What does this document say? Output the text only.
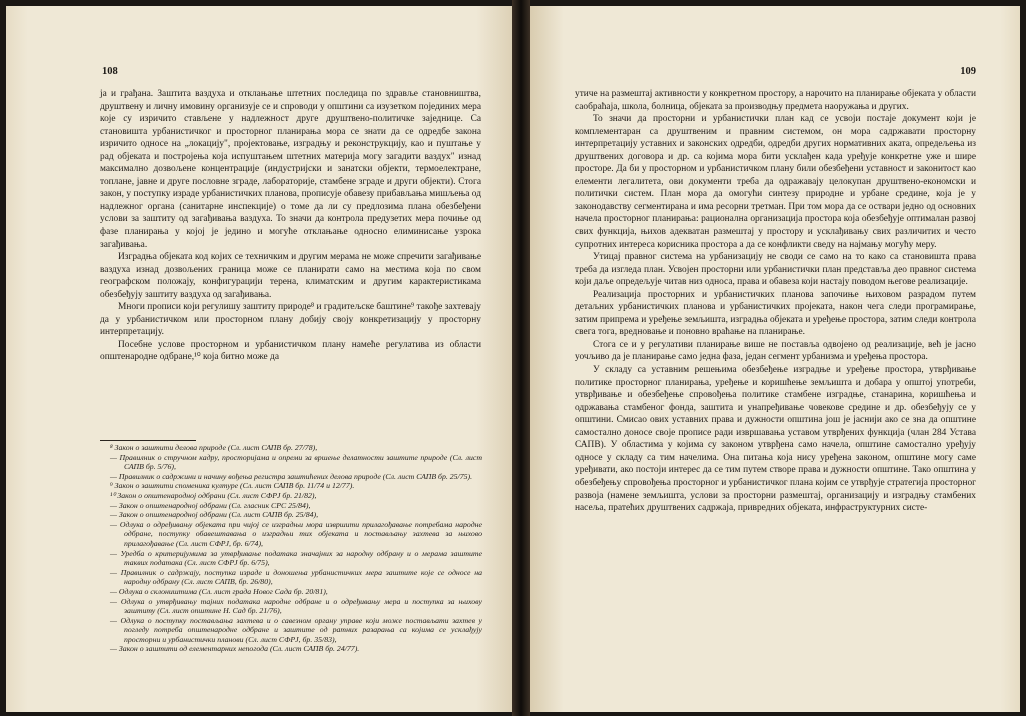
108

ја и грађана. Заштита ваздуха и отклањање штетних последица по здравље становништва, друштвену и личну имовину организује се и спроводи у општини са изузетком појединих мера које су изричито стављене у надлежност друге друштвено-политичке заједнице. Са становишта урбанистичког и просторног планирања мора се знати да се одредбе закона изричито односе на „локацију", пројектовање, изградњу и реконструкцију, као и пуштање у рад објеката и постројења која испуштањем штетних материја могу загадити ваздух" изнад максимално дозвољене концентрације (индустријски и занатски објекти, термоелектране, топлане, јавне и друге пословне зграде, лабораторије, стамбене зграде и други објекти). Стога закон, у поступку израде урбанистичких планова, прописује обавезу прибављања мишљења од надлежног органа (санитарне инспекције) о томе да ли су предлозима плана обезбеђени услови за заштиту од загађивања ваздуха. То значи да контрола предузетих мера почиње од фазе планирања у којој је једино и могуће отклањање односно елиминисање узрока загађивања.

Изградња објеката код којих се техничким и другим мерама не може спречити загађивање ваздуха изнад дозвољених граница може се планирати само на местима која по свом географском положају, конфигурацији терена, климатским и другим карактеристикама обезбеђују заштиту ваздуха од загађивања.

Многи прописи који регулишу заштиту природе⁸ и градитељске баштине⁹ такође захтевају да у урбанистичком или просторном плану добију своју конкретизацију у просторну интерпретацију.

Посебне услове просторном и урбанистичком плану намеће регулатива из области општенародне одбране,¹⁰ која битно може да

⁸ Закон о заштити делова природе (Сл. лист САПВ бр. 27/78),
— Правилник о стручном кадру, просторијама и опреми за вршење делатности заштите природе (Сл. лист САПВ бр. 5/76),
— Правилник о садржини и начину вођења регистра заштићених делова природе (Сл. лист САПВ бр. 25/75).
⁹ Закон о заштити споменика културе (Сл. лист САПВ бр. 11/74 и 12/77).
¹⁰ Закон о општенародној одбрани (Сл. лист СФРЈ бр. 21/82),
— Закон о општенародној одбрани (Сл. гласник СРС 25/84),
— Закон о општенародној одбрани (Сл. лист САПВ бр. 25/84),
— Одлука о одређивању објеката при чијој се изградњи мора извршити прилагођавање потребама народне одбране, поступку обавештавања о изградњи тих објеката и постављању захтева за њихово прилагођавање (Сл. лист СФРЈ, бр. 6/74),
— Уредба о критеријумима за утврђивање података значајних за народну одбрану и о мерама заштите таквих података (Сл. лист СФРЈ бр. 6/75),
— Правилник о садржају, поступка израде и доношења урбанистичких мера заштите које се односе на народну одбрану (Сл. лист САПВ, бр. 26/80),
— Одлука о склоништима (Сл. лист града Новог Сада бр. 20/81),
— Одлука о утврђивању тајних података народне одбране и о одређивању мера и поступка за њихову заштиту (Сл. лист општине Н. Сад бр. 21/76),
— Одлука о поступку постављања захтева и о савезном органу управе који може постављати захтев у погледу потреба општенародне одбране и заштите од ратних разарања са којима се усклађују просторни и урбанистички планови (Сл. лист СФРЈ, бр. 35/83),
— Закон о заштити од елементарних непогода (Сл. лист САПВ бр. 24/77).
109

утиче на размештај активности у конкретном простору, а нарочито на планирање објеката у области саобраћаја, школа, болница, објеката за производњу предмета наоружања и других.

То значи да просторни и урбанистички план кад се усвоји постаје документ који је комплементаран са друштвеним и правним системом, он мора садржавати просторну интерпретацију уставних и законских одредби, одредби других нормативних аката, опредељења из друштвених договора и др. са којима мора бити усклађен када уређује конкретне уже и шире просторе. Да би у просторном и урбанистичком плану били обезбеђени уставност и законитост као елементи легалитета, ови документи треба да одражавају целокупан друштвено-економски и политички систем. План мора да омогући синтезу природне и урбане средине, која је у законодавству сегментирана и има ресорни третман. При том мора да се оствари једно од основних начела просторног планирања: рационална организација простора која обезбеђује оптималан развој свих функција, њихов адекватан размештај у простору и усклађивању свих различитих и често супротних интереса корисника простора а да се конфликти сведу на најмању могућу меру.

Утицај правног система на урбанизацију не своди се само на то како са становишта права треба да изгледа план. Усвојен просторни или урбанистички план представља део правног система који даље опредељује читав низ односа, права и обавеза који настају поводом његове реализације.

Реализација просторних и урбанистичких планова започиње њиховом разрадом путем детаљних урбанистичких планова и урбанистичких пројеката, након чега следи програмирање, затим припрема и уређење земљишта, изградња објеката и уређење простора, затим следи контрола свега тога, вредновање и поновно враћање на планирање.

Стога се и у регулативи планирање више не поставља одвојено од реализације, већ је јасно уочљиво да је планирање само једна фаза, један сегмент урбанизма и уређења простора.

У складу са уставним решењима обезбеђење изградње и уређење простора, утврђивање политике просторног планирања, уређење и коришћење земљишта и добара у општој употреби, утврђивање и обезбеђење спровођења политике стамбене изградње, станарина, коришћења и одржавања стамбеног фонда, заштита и унапређивање човекове средине и др. обезбеђују се у општини. Смисао ових уставних права и дужности општина још је јаснији ако се зна да општине самостално доносе своје прописе ради извршавања уставом утврђених функција (члан 284 Устава САПВ). У областима у којима су законом утврђена само начела, општине самостално уређују односе у складу са тим начелима. Она питања која нису уређена законом, општине могу саме уређивати, ако постоји интерес да се тим путем створе права и дужности општине. Тако општина у обезбеђењу спровођења просторног и урбанистичког плана којим се утврђује стратегија просторног развоја (намене земљишта, услови за просторни размештај, организацију и изградњу стамбених насеља, пратећих друштвених садржаја, привредних објеката, инфраструктурних систе-
